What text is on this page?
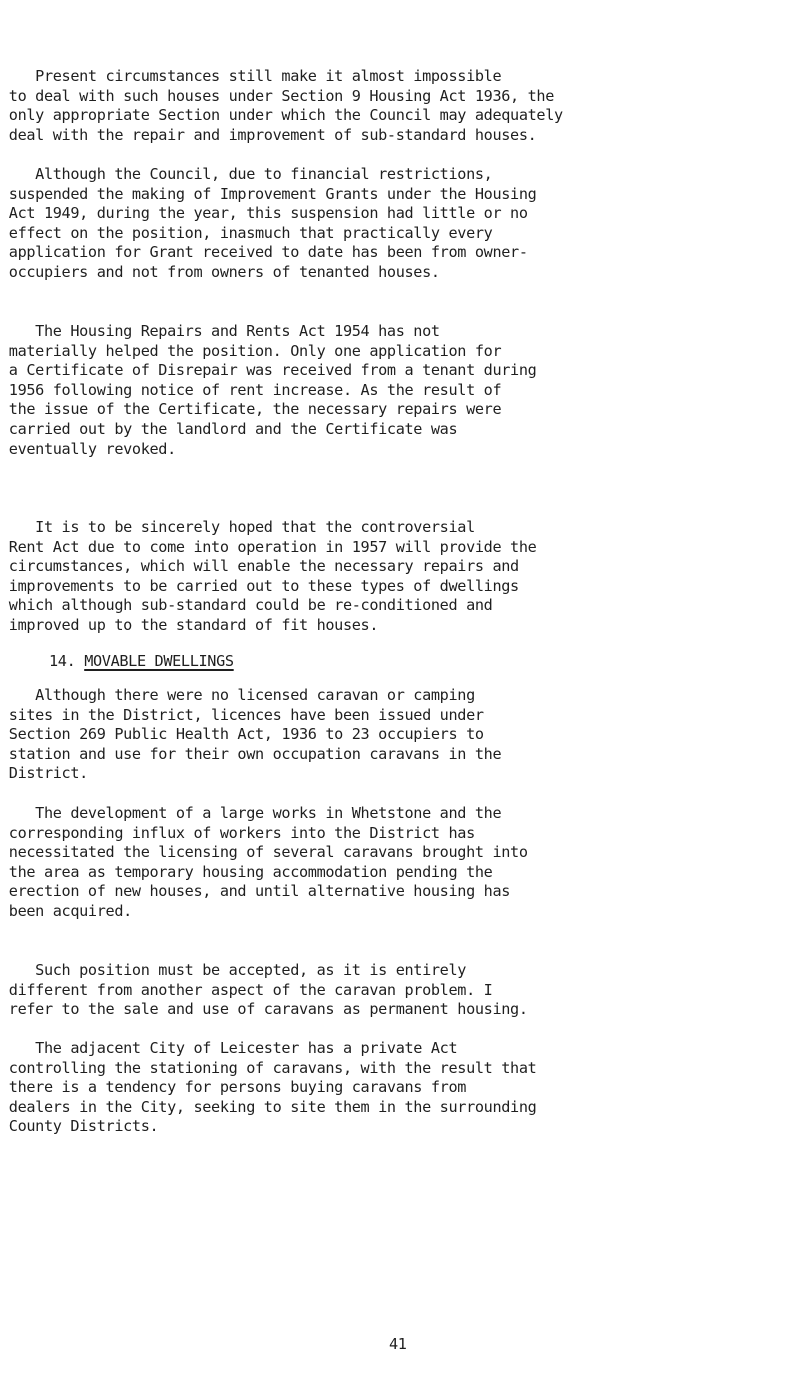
Present circumstances still make it almost impossible
to deal with such houses under Section 9 Housing Act 1936, the
only appropriate Section under which the Council may adequately
deal with the repair and improvement of sub-standard houses.

Although the Council, due to financial restrictions,
suspended the making of Improvement Grants under the Housing
Act 1949, during the year, this suspension had little or no
effect on the position, inasmuch that practically every
application for Grant received to date has been from owner-
occupiers and not from owners of tenanted houses.

The Housing Repairs and Rents Act 1954 has not
materially helped the position. Only one application for
a Certificate of Disrepair was received from a tenant during
1956 following notice of rent increase. As the result of
the issue of the Certificate, the necessary repairs were
carried out by the landlord and the Certificate was
eventually revoked.

It is to be sincerely hoped that the controversial
Rent Act due to come into operation in 1957 will provide the
circumstances, which will enable the necessary repairs and
improvements to be carried out to these types of dwellings
which although sub-standard could be re-conditioned and
improved up to the standard of fit houses.

14. MOVABLE DWELLINGS

Although there were no licensed caravan or camping
sites in the District, licences have been issued under
Section 269 Public Health Act, 1936 to 23 occupiers to
station and use for their own occupation caravans in the
District.

The development of a large works in Whetstone and the
corresponding influx of workers into the District has
necessitated the licensing of several caravans brought into
the area as temporary housing accommodation pending the
erection of new houses, and until alternative housing has
been acquired.

Such position must be accepted, as it is entirely
different from another aspect of the caravan problem. I
refer to the sale and use of caravans as permanent housing.

The adjacent City of Leicester has a private Act
controlling the stationing of caravans, with the result that
there is a tendency for persons buying caravans from
dealers in the City, seeking to site them in the surrounding
County Districts.

41
